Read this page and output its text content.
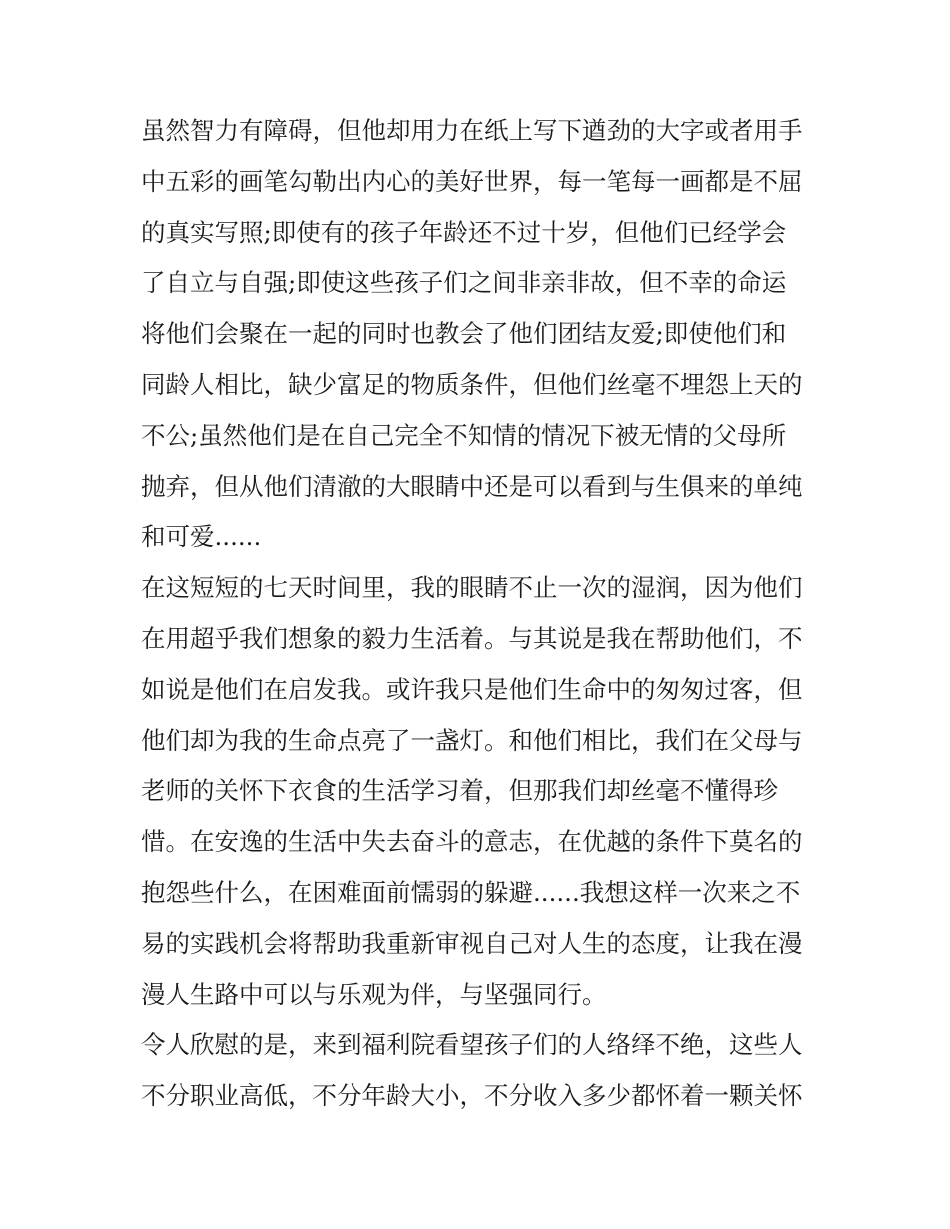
虽然智力有障碍，但他却用力在纸上写下遒劲的大字或者用手
中五彩的画笔勾勒出内心的美好世界，每一笔每一画都是不屈
的真实写照;即使有的孩子年龄还不过十岁，但他们已经学会
了自立与自强;即使这些孩子们之间非亲非故，但不幸的命运
将他们会聚在一起的同时也教会了他们团结友爱;即使他们和
同龄人相比，缺少富足的物质条件，但他们丝毫不埋怨上天的
不公;虽然他们是在自己完全不知情的情况下被无情的父母所
抛弃，但从他们清澈的大眼睛中还是可以看到与生俱来的单纯
和可爱......

在这短短的七天时间里，我的眼睛不止一次的湿润，因为他们
在用超乎我们想象的毅力生活着。与其说是我在帮助他们，不
如说是他们在启发我。或许我只是他们生命中的匆匆过客，但
他们却为我的生命点亮了一盏灯。和他们相比，我们在父母与
老师的关怀下衣食的生活学习着，但那我们却丝毫不懂得珍
惜。在安逸的生活中失去奋斗的意志，在优越的条件下莫名的
抱怨些什么，在困难面前懦弱的躲避......我想这样一次来之不
易的实践机会将帮助我重新审视自己对人生的态度，让我在漫
漫人生路中可以与乐观为伴，与坚强同行。

令人欣慰的是，来到福利院看望孩子们的人络绎不绝，这些人
不分职业高低，不分年龄大小，不分收入多少都怀着一颗关怀
